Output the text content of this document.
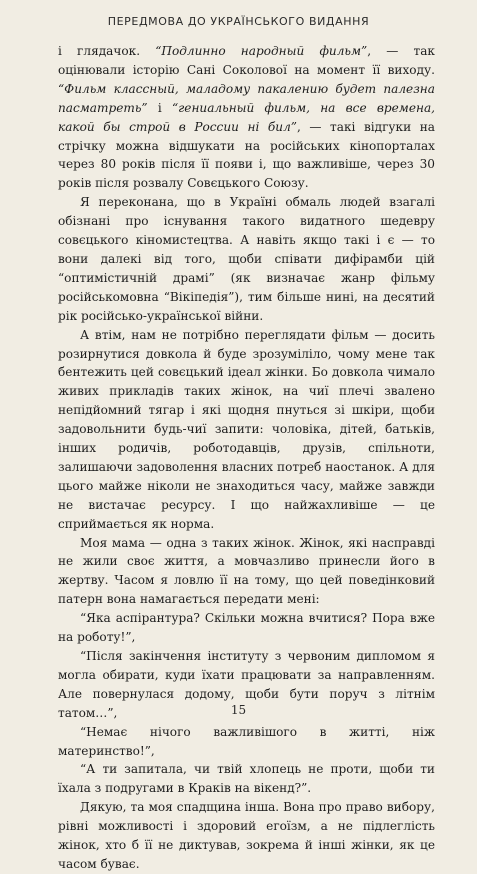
ПЕРЕДМОВА ДО УКРАЇНСЬКОГО ВИДАННЯ

і глядачок. “Подлинно народный фильм”, — так оцінювали історію Сані Соколової на момент її виходу. “Фильм классный, маладому пакалению будет палезна пасматреть” і “гениальный фильм, на все времена, какой бы строй в России ні бил”, — такі відгуки на стрічку можна відшукати на російських кінопорталах через 80 років після її появи і, що важливіше, через 30 років після розвалу Совєцького Союзу.

Я переконана, що в Україні обмаль людей взагалі обізнані про існування такого видатного шедевру совєцького кіномистецтва. А навіть якщо такі і є — то вони далекі від того, щоби співати дифірамби цій “оптимістичній драмі” (як визначає жанр фільму російськомовна “Вікіпедія”), тим більше нині, на десятий рік російсько-української війни.

А втім, нам не потрібно переглядати фільм — досить розирнутися довкола й буде зрозуміліло, чому мене так бентежить цей совєцький ідеал жінки. Бо довкола чимало живих прикладів таких жінок, на чиї плечі звалено непідйомний тягар і які щодня пнуться зі шкіри, щоби задовольнити будь-чиї запити: чоловіка, дітей, батьків, інших родичів, роботодавців, друзів, спільноти, залишаючи задоволення власних потреб наостанок. А для цього майже ніколи не знаходиться часу, майже завжди не вистачає ресурсу. І що найжахливіше — це сприймається як норма.

Моя мама — одна з таких жінок. Жінок, які насправді не жили своє життя, а мовчазливо принесли його в жертву. Часом я ловлю її на тому, що цей поведінковий патерн вона намагається передати мені:

“Яка аспірантура? Скільки можна вчитися? Пора вже на роботу!”,

“Після закінчення інституту з червоним дипломом я могла обирати, куди їхати працювати за направленням. Але повернулася додому, щоби бути поруч з літнім татом…”,

“Немає нічого важливішого в житті, ніж материнство!”,

“А ти запитала, чи твій хлопець не проти, щоби ти їхала з подругами в Краків на вікенд?”.

Дякую, та моя спадщина інша. Вона про право вибору, рівні можливості і здоровий егоїзм, а не підлеглість жінок, хто б її не диктував, зокрема й інші жінки, як це часом буває.

15
